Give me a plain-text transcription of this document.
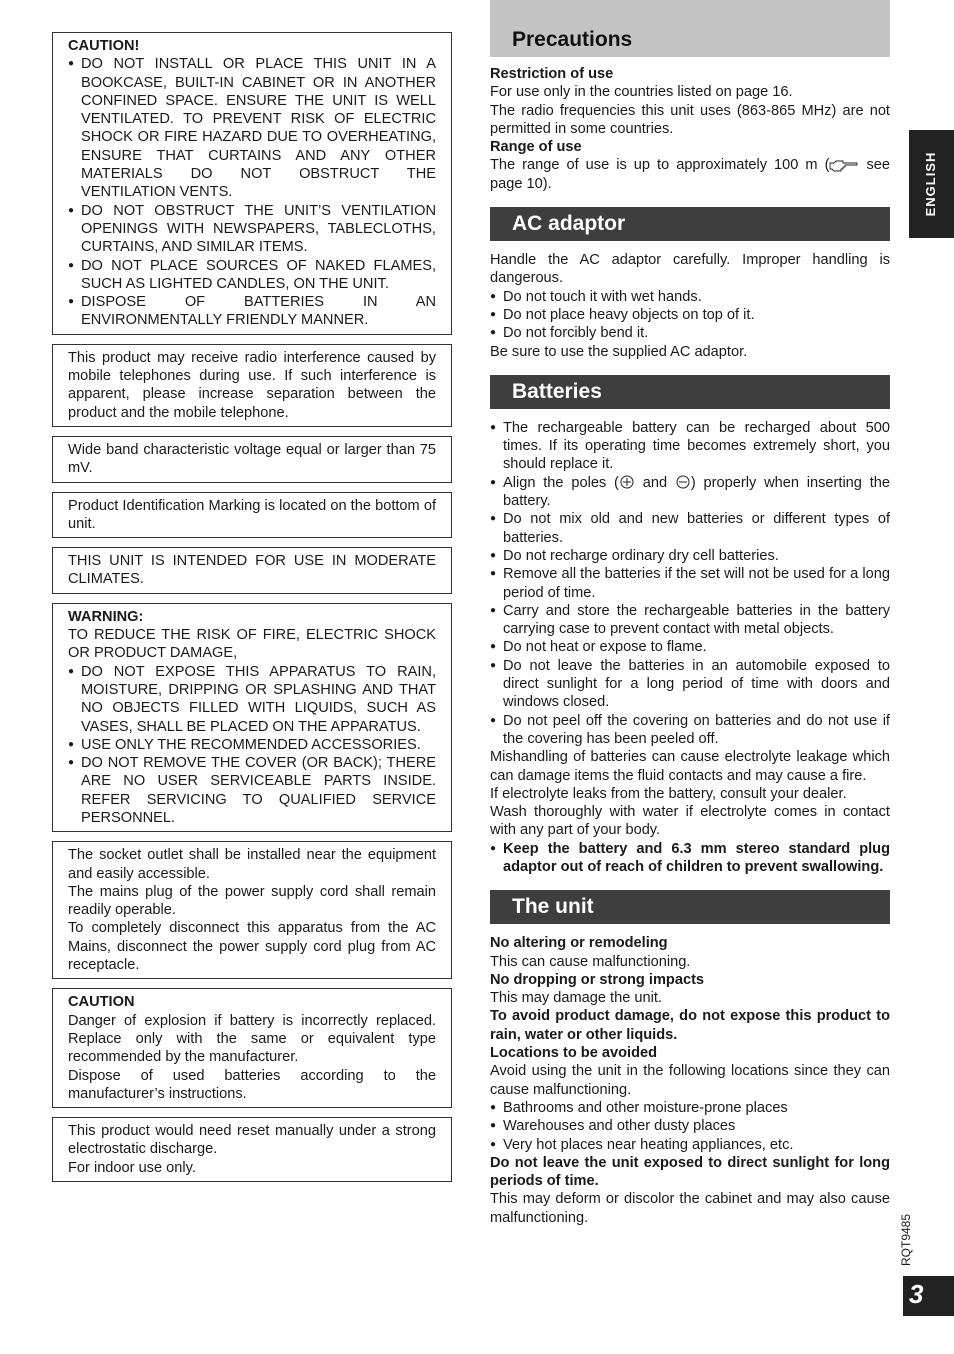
CAUTION!
● DO NOT INSTALL OR PLACE THIS UNIT IN A BOOKCASE, BUILT-IN CABINET OR IN ANOTHER CONFINED SPACE. ENSURE THE UNIT IS WELL VENTILATED. TO PREVENT RISK OF ELECTRIC SHOCK OR FIRE HAZARD DUE TO OVERHEATING, ENSURE THAT CURTAINS AND ANY OTHER MATERIALS DO NOT OBSTRUCT THE VENTILATION VENTS.
● DO NOT OBSTRUCT THE UNIT’S VENTILATION OPENINGS WITH NEWSPAPERS, TABLECLOTHS, CURTAINS, AND SIMILAR ITEMS.
● DO NOT PLACE SOURCES OF NAKED FLAMES, SUCH AS LIGHTED CANDLES, ON THE UNIT.
● DISPOSE OF BATTERIES IN AN ENVIRONMENTALLY FRIENDLY MANNER.
This product may receive radio interference caused by mobile telephones during use. If such interference is apparent, please increase separation between the product and the mobile telephone.
Wide band characteristic voltage equal or larger than 75 mV.
Product Identification Marking is located on the bottom of unit.
THIS UNIT IS INTENDED FOR USE IN MODERATE CLIMATES.
WARNING:
TO REDUCE THE RISK OF FIRE, ELECTRIC SHOCK OR PRODUCT DAMAGE,
● DO NOT EXPOSE THIS APPARATUS TO RAIN, MOISTURE, DRIPPING OR SPLASHING AND THAT NO OBJECTS FILLED WITH LIQUIDS, SUCH AS VASES, SHALL BE PLACED ON THE APPARATUS.
● USE ONLY THE RECOMMENDED ACCESSORIES.
● DO NOT REMOVE THE COVER (OR BACK); THERE ARE NO USER SERVICEABLE PARTS INSIDE. REFER SERVICING TO QUALIFIED SERVICE PERSONNEL.
The socket outlet shall be installed near the equipment and easily accessible.
The mains plug of the power supply cord shall remain readily operable.
To completely disconnect this apparatus from the AC Mains, disconnect the power supply cord plug from AC receptacle.
CAUTION
Danger of explosion if battery is incorrectly replaced. Replace only with the same or equivalent type recommended by the manufacturer.
Dispose of used batteries according to the manufacturer’s instructions.
This product would need reset manually under a strong electrostatic discharge.
For indoor use only.
Precautions

Restriction of use

For use only in the countries listed on page 16.

The radio frequencies this unit uses (863-865 MHz) are not permitted in some countries.

Range of use

The range of use is up to approximately 100 m ( see page 10).

AC adaptor

Handle the AC adaptor carefully. Improper handling is dangerous.

● Do not touch it with wet hands.
● Do not place heavy objects on top of it.
● Do not forcibly bend it.

Be sure to use the supplied AC adaptor.

Batteries
● The rechargeable battery can be recharged about 500 times. If its operating time becomes extremely short, you should replace it.
● Align the poles ( and ) properly when inserting the battery.
● Do not mix old and new batteries or different types of batteries.
● Do not recharge ordinary dry cell batteries.
● Remove all the batteries if the set will not be used for a long period of time.
● Carry and store the rechargeable batteries in the battery carrying case to prevent contact with metal objects.
● Do not heat or expose to flame.
● Do not leave the batteries in an automobile exposed to direct sunlight for a long period of time with doors and windows closed.
● Do not peel off the covering on batteries and do not use if the covering has been peeled off.

Mishandling of batteries can cause electrolyte leakage which can damage items the fluid contacts and may cause a fire.

If electrolyte leaks from the battery, consult your dealer.

Wash thoroughly with water if electrolyte comes in contact with any part of your body.

● Keep the battery and 6.3 mm stereo standard plug adaptor out of reach of children to prevent swallowing.
The unit

No altering or remodeling

This can cause malfunctioning.

No dropping or strong impacts

This may damage the unit.

To avoid product damage, do not expose this product to rain, water or other liquids.

Locations to be avoided

Avoid using the unit in the following locations since they can cause malfunctioning.

● Bathrooms and other moisture-prone places
● Warehouses and other dusty places
● Very hot places near heating appliances, etc.

Do not leave the unit exposed to direct sunlight for long periods of time.

This may deform or discolor the cabinet and may also cause malfunctioning.

ENGLISH
RQT9485
3
